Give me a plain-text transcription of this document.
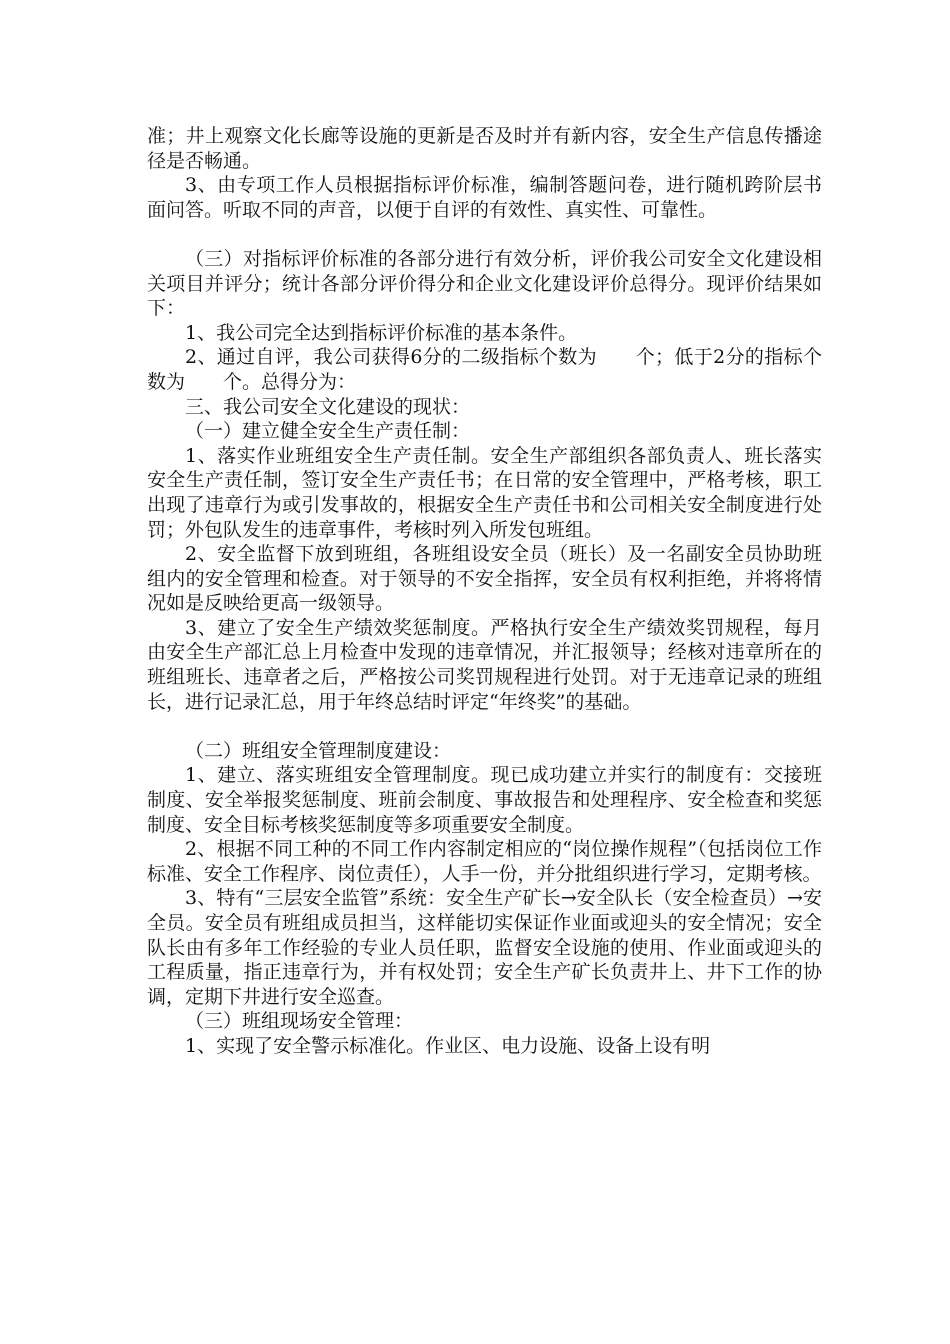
准；井上观察文化长廊等设施的更新是否及时并有新内容，安全生产信息传播途径是否畅通。

3、由专项工作人员根据指标评价标准，编制答题问卷，进行随机跨阶层书面问答。听取不同的声音，以便于自评的有效性、真实性、可靠性。

（三）对指标评价标准的各部分进行有效分析，评价我公司安全文化建设相关项目并评分；统计各部分评价得分和企业文化建设评价总得分。现评价结果如下：

1、我公司完全达到指标评价标准的基本条件。

2、通过自评，我公司获得6分的二级指标个数为　　个；低于2分的指标个数为　　个。总得分为：

三、我公司安全文化建设的现状：

（一）建立健全安全生产责任制：

1、落实作业班组安全生产责任制。安全生产部组织各部负责人、班长落实安全生产责任制，签订安全生产责任书；在日常的安全管理中，严格考核，职工出现了违章行为或引发事故的，根据安全生产责任书和公司相关安全制度进行处罚；外包队发生的违章事件，考核时列入所发包班组。

2、安全监督下放到班组，各班组设安全员（班长）及一名副安全员协助班组内的安全管理和检查。对于领导的不安全指挥，安全员有权利拒绝，并将将情况如是反映给更高一级领导。

3、建立了安全生产绩效奖惩制度。严格执行安全生产绩效奖罚规程，每月由安全生产部汇总上月检查中发现的违章情况，并汇报领导；经核对违章所在的班组班长、违章者之后，严格按公司奖罚规程进行处罚。对于无违章记录的班组长，进行记录汇总，用于年终总结时评定“年终奖”的基础。

（二）班组安全管理制度建设：

1、建立、落实班组安全管理制度。现已成功建立并实行的制度有：交接班制度、安全举报奖惩制度、班前会制度、事故报告和处理程序、安全检查和奖惩制度、安全目标考核奖惩制度等多项重要安全制度。

2、根据不同工种的不同工作内容制定相应的“岗位操作规程”（包括岗位工作标准、安全工作程序、岗位责任），人手一份，并分批组织进行学习，定期考核。

3、特有“三层安全监管”系统：安全生产矿长→安全队长（安全检查员）→安全员。安全员有班组成员担当，这样能切实保证作业面或迎头的安全情况；安全队长由有多年工作经验的专业人员任职，监督安全设施的使用、作业面或迎头的工程质量，指正违章行为，并有权处罚；安全生产矿长负责井上、井下工作的协调，定期下井进行安全巡查。

（三）班组现场安全管理：

1、实现了安全警示标准化。作业区、电力设施、设备上设有明
